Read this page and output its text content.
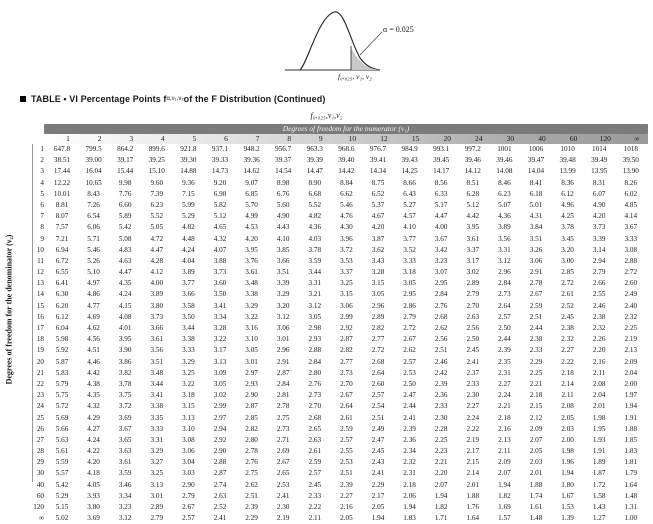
α = 0.025
f₀.₀₂₅, ν₁, ν₂
TABLE • VI Percentage Points f α,ν₁,ν₂ of the F Distribution (Continued)
f₀.₀₂₅,ν₁,ν₂
Degrees of freedom for the denominator (ν₂)
Degrees of freedom for the numerator (ν₁)
1	2	3	4	5	6	7	8	9	10	12	15	20	24	30	40	60	120	∞
1	647.8	799.5	864.2	899.6	921.8	937.1	948.2	956.7	963.3	968.6	976.7	984.9	993.1	997.2	1001	1006	1010	1014	1018
2	38.51	39.00	39.17	39.25	39.30	39.33	39.36	39.37	39.39	39.40	39.41	39.43	39.45	39.46	39.46	39.47	39.48	39.49	39.50
3	17.44	16.04	15.44	15.10	14.88	14.73	14.62	14.54	14.47	14.42	14.34	14.25	14.17	14.12	14.08	14.04	13.99	13.95	13.90
4	12.22	10.65	9.98	9.60	9.36	9.20	9.07	8.98	8.90	8.84	8.75	8.66	8.56	8.51	8.46	8.41	8.36	8.31	8.26
5	10.01	8.43	7.76	7.39	7.15	6.98	6.85	6.76	6.68	6.62	6.52	6.43	6.33	6.28	6.23	6.18	6.12	6.07	6.02
6	8.81	7.26	6.60	6.23	5.99	5.82	5.70	5.60	5.52	5.46	5.37	5.27	5.17	5.12	5.07	5.01	4.96	4.90	4.85
7	8.07	6.54	5.89	5.52	5.29	5.12	4.99	4.90	4.82	4.76	4.67	4.57	4.47	4.42	4.36	4.31	4.25	4.20	4.14
8	7.57	6.06	5.42	5.05	4.82	4.65	4.53	4.43	4.36	4.30	4.20	4.10	4.00	3.95	3.89	3.84	3.78	3.73	3.67
9	7.21	5.71	5.08	4.72	4.48	4.32	4.20	4.10	4.03	3.96	3.87	3.77	3.67	3.61	3.56	3.51	3.45	3.39	3.33
10	6.94	5.46	4.83	4.47	4.24	4.07	3.95	3.85	3.78	3.72	3.62	3.52	3.42	3.37	3.31	3.26	3.20	3.14	3.08
11	6.72	5.26	4.63	4.28	4.04	3.88	3.76	3.66	3.59	3.53	3.43	3.33	3.23	3.17	3.12	3.06	3.00	2.94	2.88
12	6.55	5.10	4.47	4.12	3.89	3.73	3.61	3.51	3.44	3.37	3.28	3.18	3.07	3.02	2.96	2.91	2.85	2.79	2.72
13	6.41	4.97	4.35	4.00	3.77	3.60	3.48	3.39	3.31	3.25	3.15	3.05	2.95	2.89	2.84	2.78	2.72	2.66	2.60
14	6.30	4.86	4.24	3.89	3.66	3.50	3.38	3.29	3.21	3.15	3.05	2.95	2.84	2.79	2.73	2.67	2.61	2.55	2.49
15	6.20	4.77	4.15	3.80	3.58	3.41	3.29	3.20	3.12	3.06	2.96	2.86	2.76	2.70	2.64	2.59	2.52	2.46	2.40
16	6.12	4.69	4.08	3.73	3.50	3.34	3.22	3.12	3.05	2.99	2.89	2.79	2.68	2.63	2.57	2.51	2.45	2.38	2.32
17	6.04	4.62	4.01	3.66	3.44	3.28	3.16	3.06	2.98	2.92	2.82	2.72	2.62	2.56	2.50	2.44	2.38	2.32	2.25
18	5.98	4.56	3.95	3.61	3.38	3.22	3.10	3.01	2.93	2.87	2.77	2.67	2.56	2.50	2.44	2.38	2.32	2.26	2.19
19	5.92	4.51	3.90	3.56	3.33	3.17	3.05	2.96	2.88	2.82	2.72	2.62	2.51	2.45	2.39	2.33	2.27	2.20	2.13
20	5.87	4.46	3.86	3.51	3.29	3.13	3.01	2.91	2.84	2.77	2.68	2.57	2.46	2.41	2.35	2.29	2.22	2.16	2.09
21	5.83	4.42	3.82	3.48	3.25	3.09	2.97	2.87	2.80	2.73	2.64	2.53	2.42	2.37	2.31	2.25	2.18	2.11	2.04
22	5.79	4.38	3.78	3.44	3.22	3.05	2.93	2.84	2.76	2.70	2.60	2.50	2.39	2.33	2.27	2.21	2.14	2.08	2.00
23	5.75	4.35	3.75	3.41	3.18	3.02	2.90	2.81	2.73	2.67	2.57	2.47	2.36	2.30	2.24	2.18	2.11	2.04	1.97
24	5.72	4.32	3.72	3.38	3.15	2.99	2.87	2.78	2.70	2.64	2.54	2.44	2.33	2.27	2.21	2.15	2.08	2.01	1.94
25	5.69	4.29	3.69	3.35	3.13	2.97	2.85	2.75	2.68	2.61	2.51	2.41	2.30	2.24	2.18	2.12	2.05	1.98	1.91
26	5.66	4.27	3.67	3.33	3.10	2.94	2.82	2.73	2.65	2.59	2.49	2.39	2.28	2.22	2.16	2.09	2.03	1.95	1.88
27	5.63	4.24	3.65	3.31	3.08	2.92	2.80	2.71	2.63	2.57	2.47	2.36	2.25	2.19	2.13	2.07	2.00	1.93	1.85
28	5.61	4.22	3.63	3.29	3.06	2.90	2.78	2.69	2.61	2.55	2.45	2.34	2.23	2.17	2.11	2.05	1.98	1.91	1.83
29	5.59	4.20	3.61	3.27	3.04	2.88	2.76	2.67	2.59	2.53	2.43	2.32	2.21	2.15	2.09	2.03	1.96	1.89	1.81
30	5.57	4.18	3.59	3.25	3.03	2.87	2.75	2.65	2.57	2.51	2.41	2.31	2.20	2.14	2.07	2.01	1.94	1.87	1.79
40	5.42	4.05	3.46	3.13	2.90	2.74	2.62	2.53	2.45	2.39	2.29	2.18	2.07	2.01	1.94	1.88	1.80	1.72	1.64
60	5.29	3.93	3.34	3.01	2.79	2.63	2.51	2.41	2.33	2.27	2.17	2.06	1.94	1.88	1.82	1.74	1.67	1.58	1.48
120	5.15	3.80	3.23	2.89	2.67	2.52	2.39	2.30	2.22	2.16	2.05	1.94	1.82	1.76	1.69	1.61	1.53	1.43	1.31
∞	5.02	3.69	3.12	2.79	2.57	2.41	2.29	2.19	2.11	2.05	1.94	1.83	1.71	1.64	1.57	1.48	1.39	1.27	1.00
